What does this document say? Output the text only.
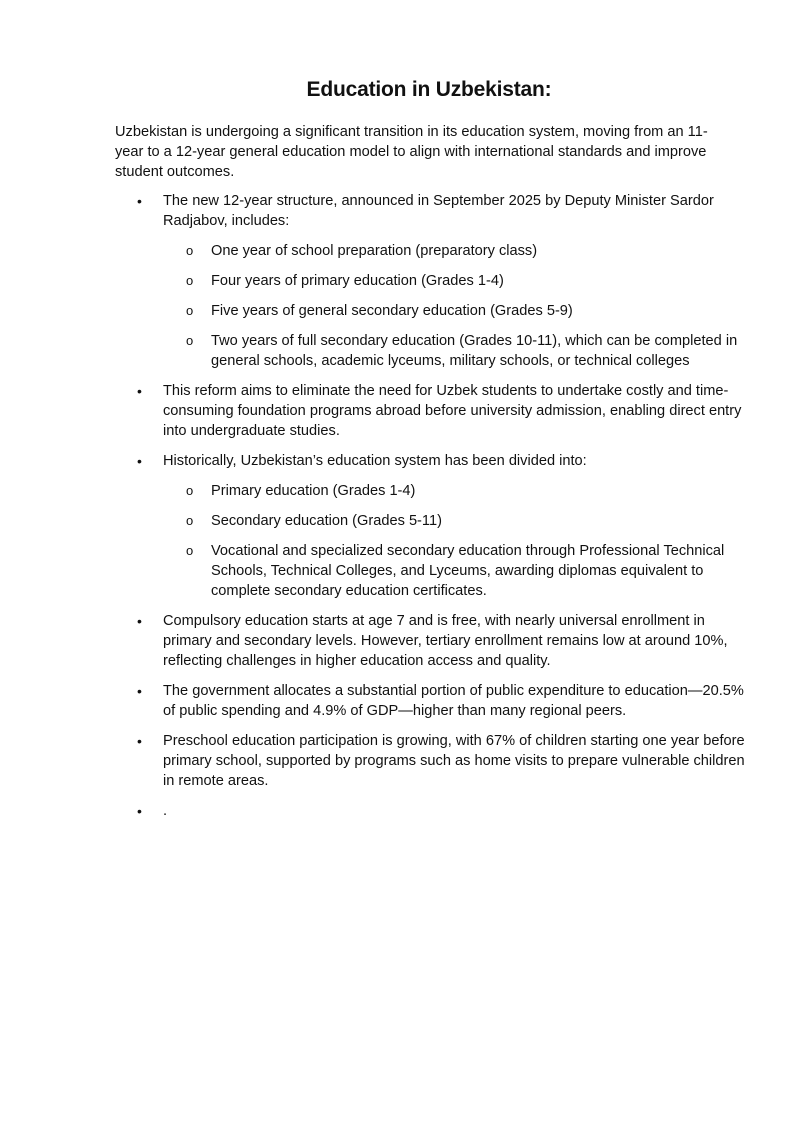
Education in Uzbekistan:

Uzbekistan is undergoing a significant transition in its education system, moving from an 11-year to a 12-year general education model to align with international standards and improve student outcomes.

• The new 12-year structure, announced in September 2025 by Deputy Minister Sardor Radjabov, includes:
o One year of school preparation (preparatory class)
o Four years of primary education (Grades 1-4)
o Five years of general secondary education (Grades 5-9)
o Two years of full secondary education (Grades 10-11), which can be completed in general schools, academic lyceums, military schools, or technical colleges
• This reform aims to eliminate the need for Uzbek students to undertake costly and time-consuming foundation programs abroad before university admission, enabling direct entry into undergraduate studies.
• Historically, Uzbekistan’s education system has been divided into:
o Primary education (Grades 1-4)
o Secondary education (Grades 5-11)
o Vocational and specialized secondary education through Professional Technical Schools, Technical Colleges, and Lyceums, awarding diplomas equivalent to complete secondary education certificates.
• Compulsory education starts at age 7 and is free, with nearly universal enrollment in primary and secondary levels. However, tertiary enrollment remains low at around 10%, reflecting challenges in higher education access and quality.
• The government allocates a substantial portion of public expenditure to education—20.5% of public spending and 4.9% of GDP—higher than many regional peers.
• Preschool education participation is growing, with 67% of children starting one year before primary school, supported by programs such as home visits to prepare vulnerable children in remote areas.
• .
